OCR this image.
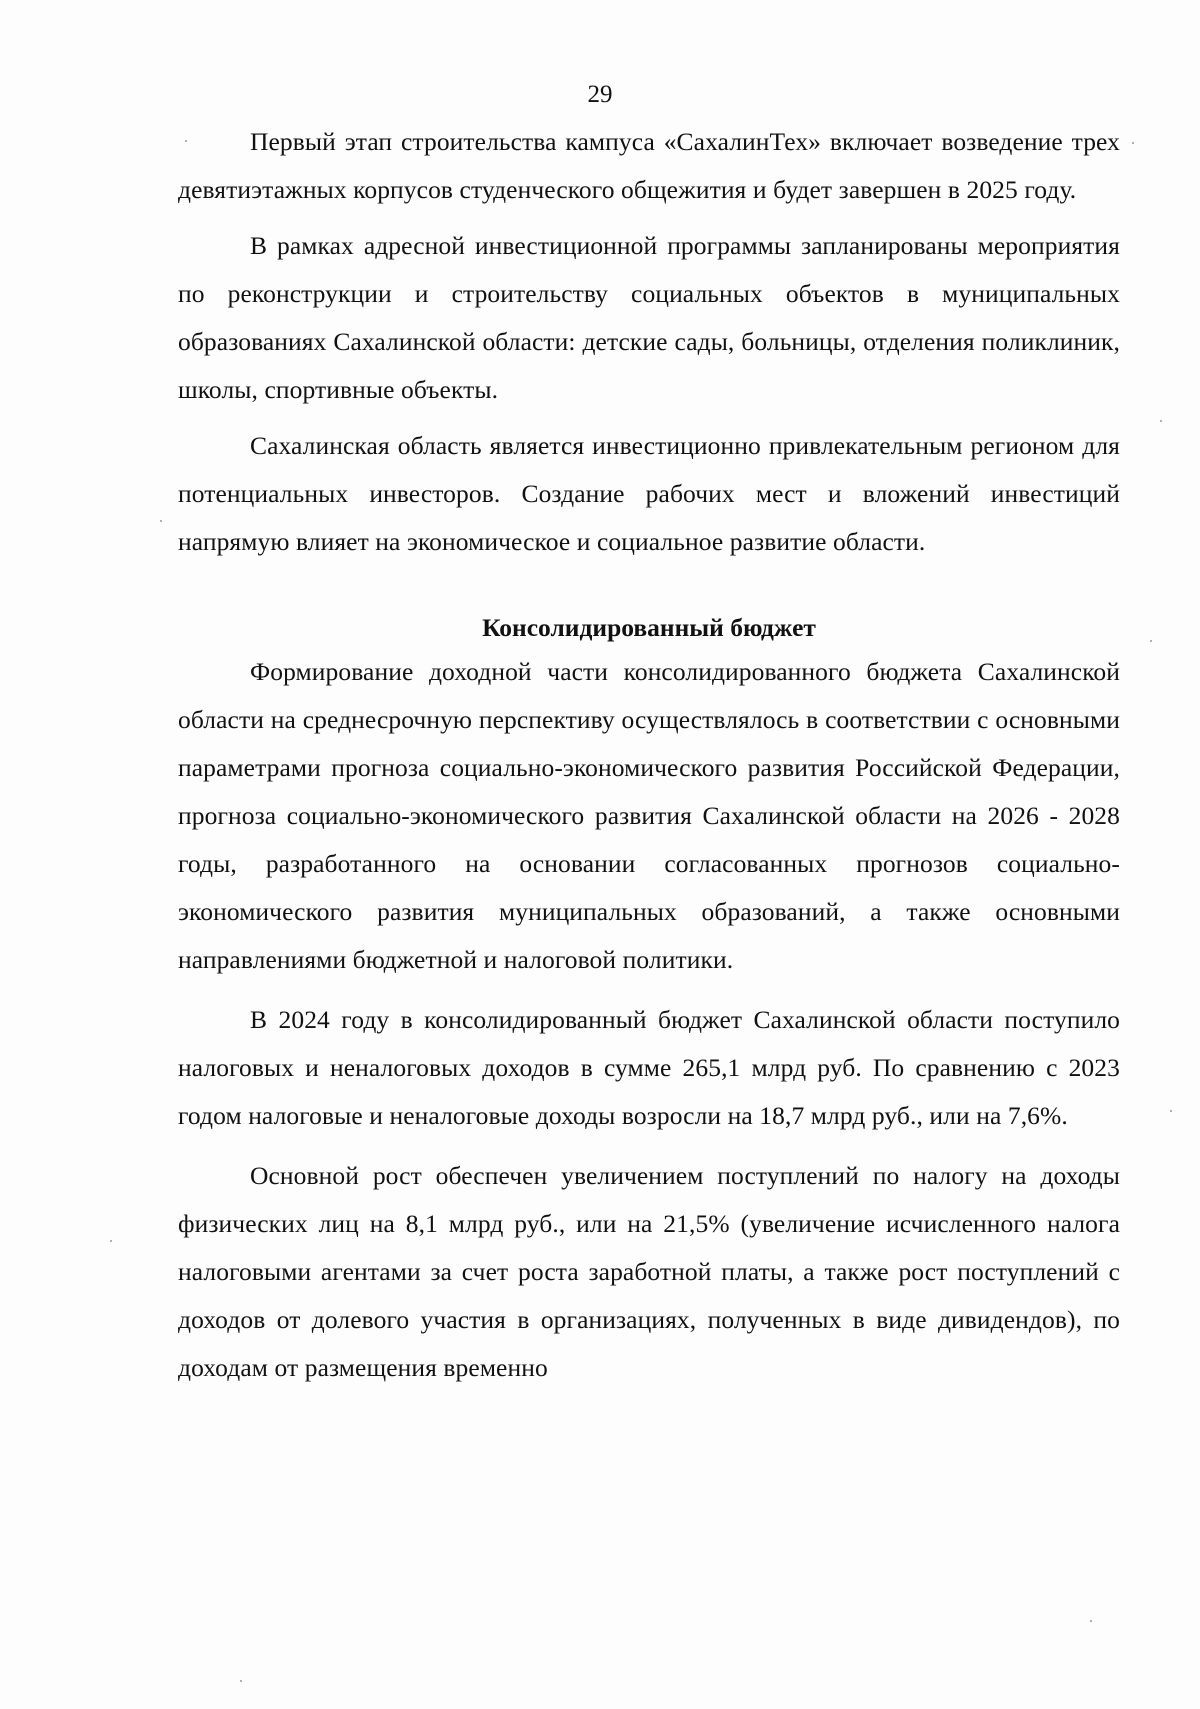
29

Первый этап строительства кампуса «СахалинТех» включает возведение трех девятиэтажных корпусов студенческого общежития и будет завершен в 2025 году.

В рамках адресной инвестиционной программы запланированы мероприятия по реконструкции и строительству социальных объектов в муниципальных образованиях Сахалинской области: детские сады, больницы, отделения поликлиник, школы, спортивные объекты.

Сахалинская область является инвестиционно привлекательным регионом для потенциальных инвесторов. Создание рабочих мест и вложений инвестиций напрямую влияет на экономическое и социальное развитие области.

Консолидированный бюджет

Формирование доходной части консолидированного бюджета Сахалинской области на среднесрочную перспективу осуществлялось в соответствии с основными параметрами прогноза социально-экономического развития Российской Федерации, прогноза социально-экономического развития Сахалинской области на 2026 - 2028 годы, разработанного на основании согласованных прогнозов социально-экономического развития муниципальных образований, а также основными направлениями бюджетной и налоговой политики.

В 2024 году в консолидированный бюджет Сахалинской области поступило налоговых и неналоговых доходов в сумме 265,1 млрд руб. По сравнению с 2023 годом налоговые и неналоговые доходы возросли на 18,7 млрд руб., или на 7,6%.

Основной рост обеспечен увеличением поступлений по налогу на доходы физических лиц на 8,1 млрд руб., или на 21,5% (увеличение исчисленного налога налоговыми агентами за счет роста заработной платы, а также рост поступлений с доходов от долевого участия в организациях, полученных в виде дивидендов), по доходам от размещения временно
